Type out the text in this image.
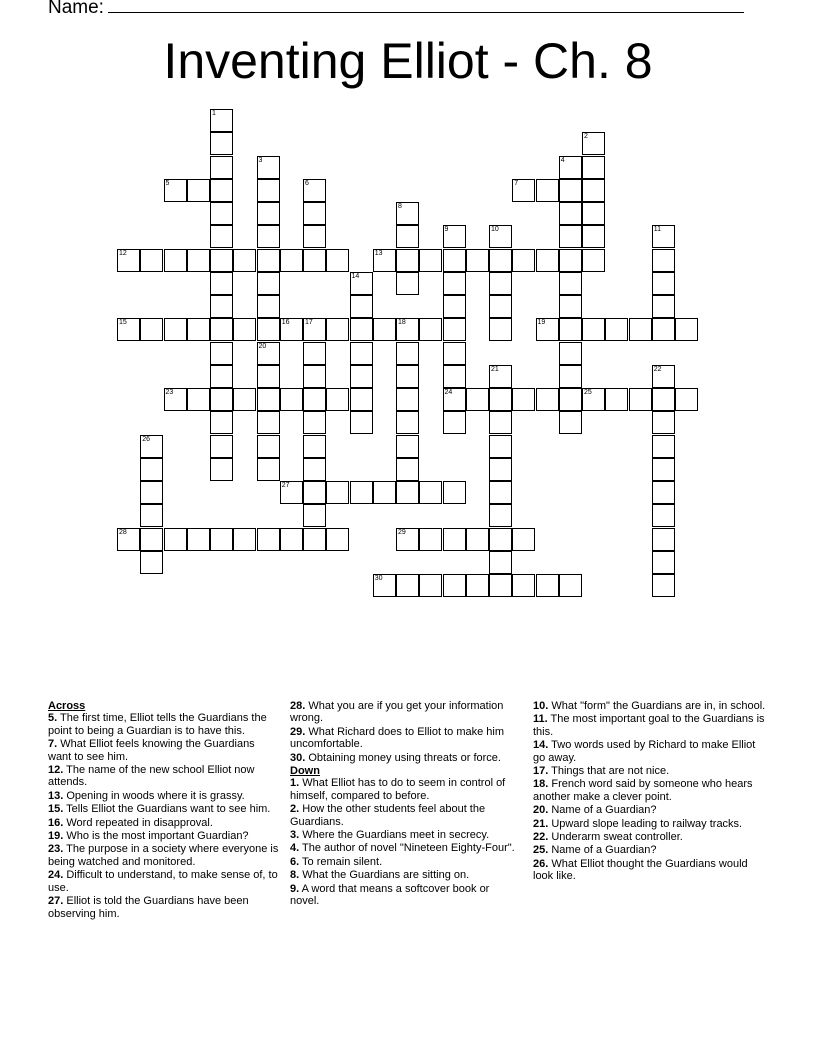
Name:
Inventing Elliot - Ch. 8
1
2
3
20
4
5	6	7
8
9
24
10	11
12	13
14
15	16 17	18	19
21	22
23	25
26
27
28	29
30
Across
5. The first time, Elliot tells the Guardians the point to being a Guardian is to have this.
7. What Elliot feels knowing the Guardians want to see him.
12. The name of the new school Elliot now attends.
13. Opening in woods where it is grassy.
15. Tells Elliot the Guardians want to see him.
16. Word repeated in disapproval.
19. Who is the most important Guardian?
23. The purpose in a society where everyone is being watched and monitored.
24. Difficult to understand, to make sense of, to use.
27. Elliot is told the Guardians have been observing him.
28. What you are if you get your information wrong.
29. What Richard does to Elliot to make him uncomfortable.
30. Obtaining money using threats or force.
Down
1. What Elliot has to do to seem in control of himself, compared to before.
2. How the other students feel about the Guardians.
3. Where the Guardians meet in secrecy.
4. The author of novel "Nineteen Eighty-Four".
6. To remain silent.
8. What the Guardians are sitting on.
9. A word that means a softcover book or novel.
10. What "form" the Guardians are in, in school.
11. The most important goal to the Guardians is this.
14. Two words used by Richard to make Elliot go away.
17. Things that are not nice.
18. French word said by someone who hears another make a clever point.
20. Name of a Guardian?
21. Upward slope leading to railway tracks.
22. Underarm sweat controller.
25. Name of a Guardian?
26. What Elliot thought the Guardians would look like.
